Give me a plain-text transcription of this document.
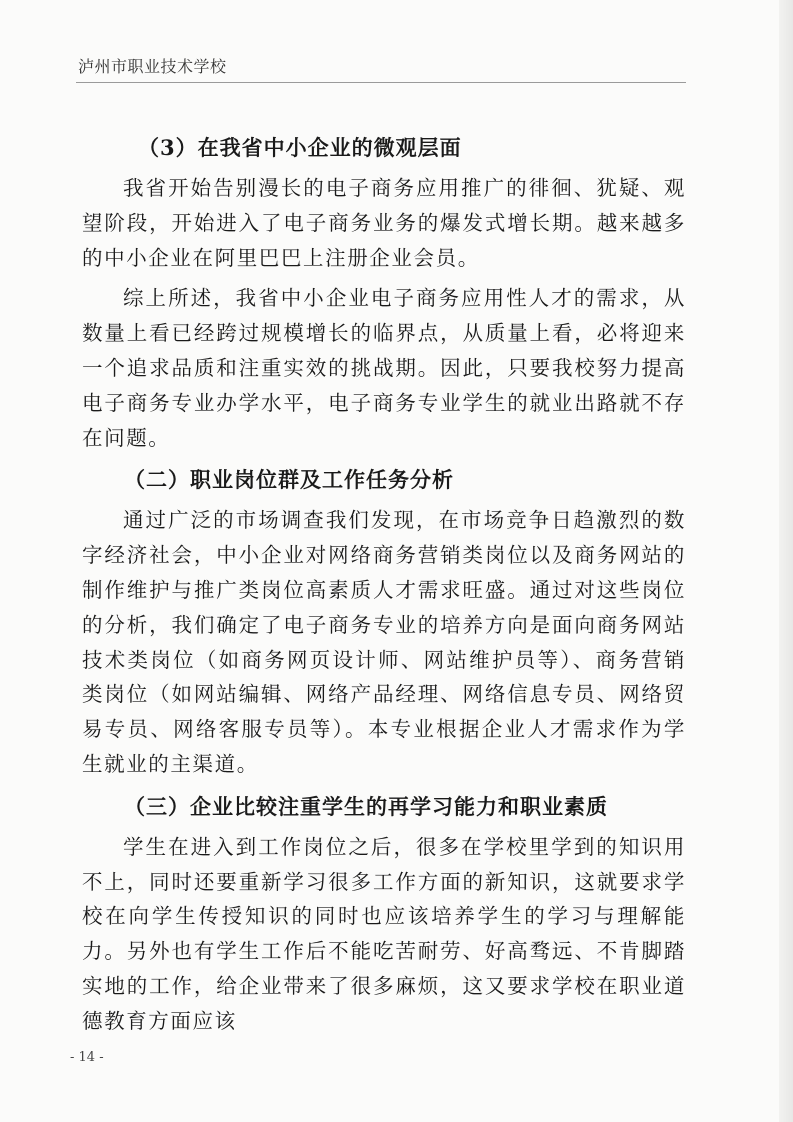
泸州市职业技术学校
（3）在我省中小企业的微观层面

我省开始告别漫长的电子商务应用推广的徘徊、犹疑、观望阶段，开始进入了电子商务业务的爆发式增长期。越来越多的中小企业在阿里巴巴上注册企业会员。

综上所述，我省中小企业电子商务应用性人才的需求，从数量上看已经跨过规模增长的临界点，从质量上看，必将迎来一个追求品质和注重实效的挑战期。因此，只要我校努力提高电子商务专业办学水平，电子商务专业学生的就业出路就不存在问题。

（二）职业岗位群及工作任务分析

通过广泛的市场调查我们发现，在市场竞争日趋激烈的数字经济社会，中小企业对网络商务营销类岗位以及商务网站的制作维护与推广类岗位高素质人才需求旺盛。通过对这些岗位的分析，我们确定了电子商务专业的培养方向是面向商务网站技术类岗位（如商务网页设计师、网站维护员等）、商务营销类岗位（如网站编辑、网络产品经理、网络信息专员、网络贸易专员、网络客服专员等）。本专业根据企业人才需求作为学生就业的主渠道。

（三）企业比较注重学生的再学习能力和职业素质

学生在进入到工作岗位之后，很多在学校里学到的知识用不上，同时还要重新学习很多工作方面的新知识，这就要求学校在向学生传授知识的同时也应该培养学生的学习与理解能力。另外也有学生工作后不能吃苦耐劳、好高骛远、不肯脚踏实地的工作，给企业带来了很多麻烦，这又要求学校在职业道德教育方面应该

- 14 -
